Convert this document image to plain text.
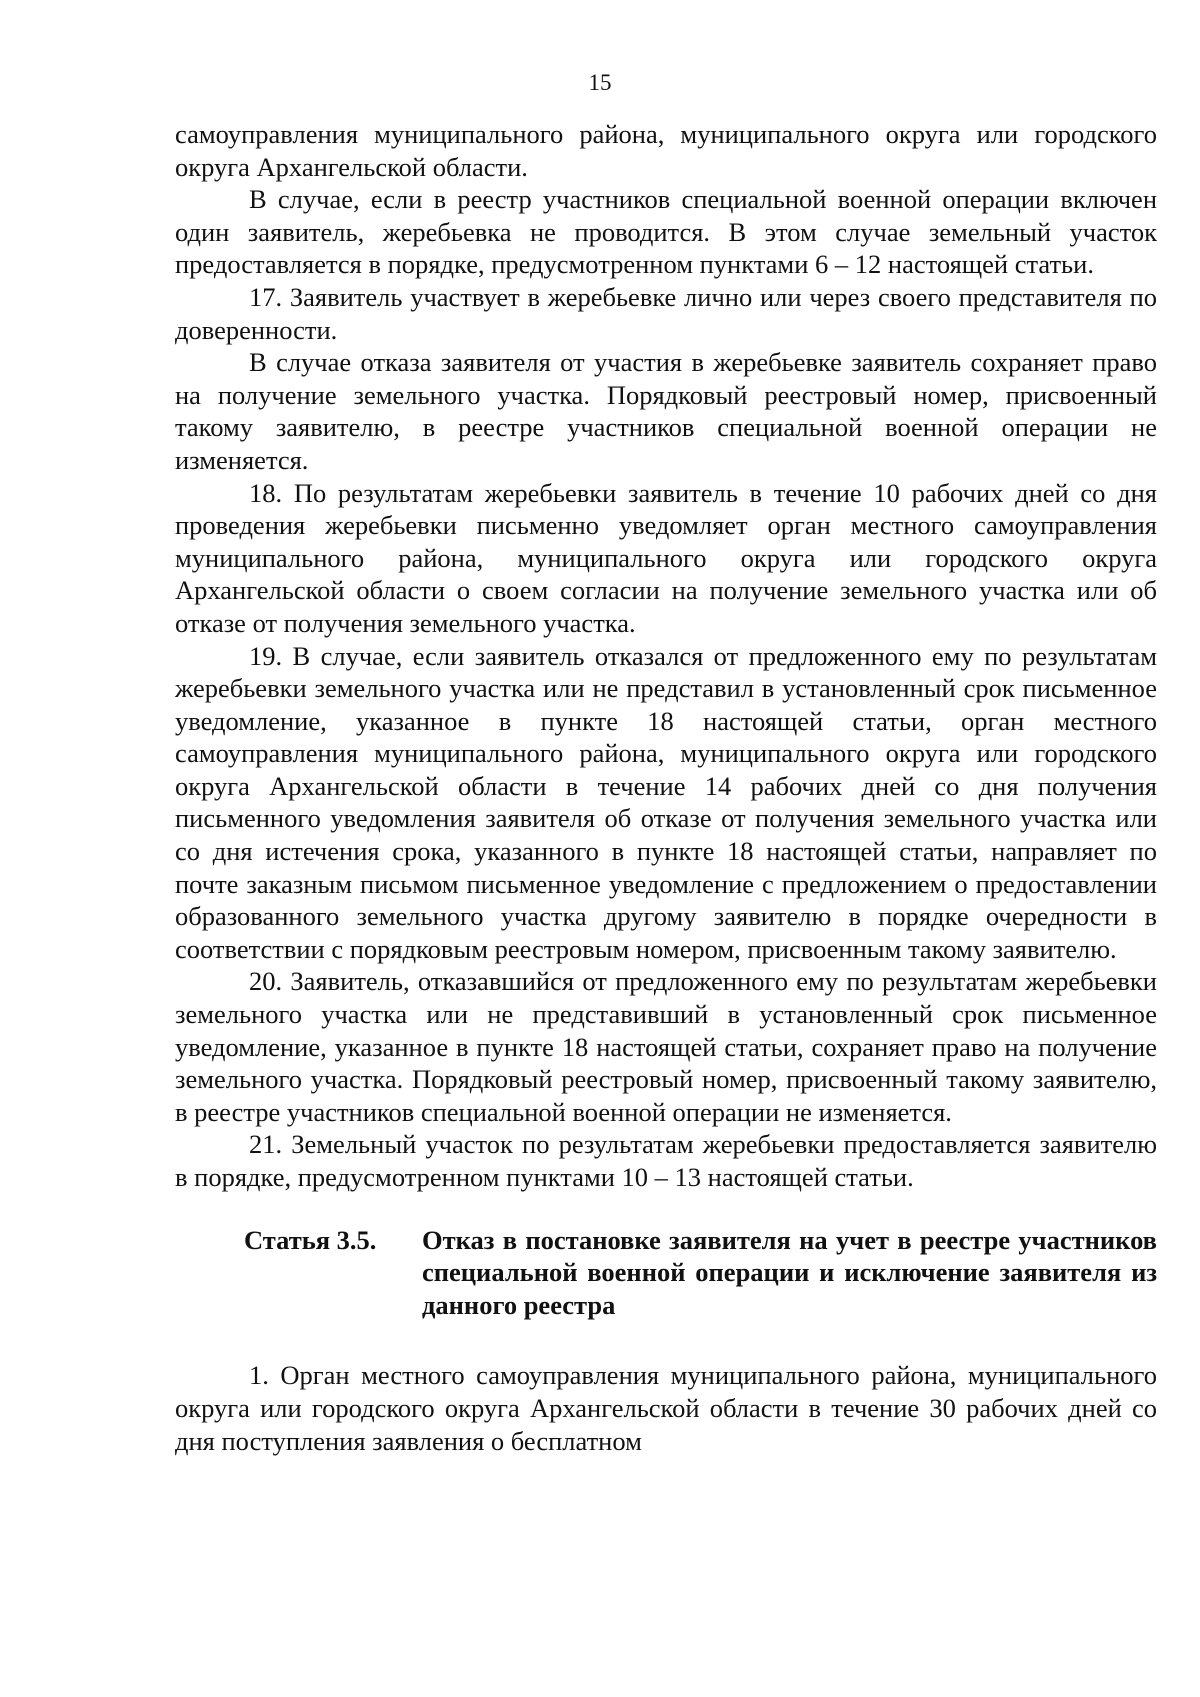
15

самоуправления муниципального района, муниципального округа или городского округа Архангельской области.

В случае, если в реестр участников специальной военной операции включен один заявитель, жеребьевка не проводится. В этом случае земельный участок предоставляется в порядке, предусмотренном пунктами 6 – 12 настоящей статьи.

17. Заявитель участвует в жеребьевке лично или через своего представителя по доверенности.

В случае отказа заявителя от участия в жеребьевке заявитель сохраняет право на получение земельного участка. Порядковый реестровый номер, присвоенный такому заявителю, в реестре участников специальной военной операции не изменяется.

18. По результатам жеребьевки заявитель в течение 10 рабочих дней со дня проведения жеребьевки письменно уведомляет орган местного самоуправления муниципального района, муниципального округа или городского округа Архангельской области о своем согласии на получение земельного участка или об отказе от получения земельного участка.

19. В случае, если заявитель отказался от предложенного ему по результатам жеребьевки земельного участка или не представил в установленный срок письменное уведомление, указанное в пункте 18 настоящей статьи, орган местного самоуправления муниципального района, муниципального округа или городского округа Архангельской области в течение 14 рабочих дней со дня получения письменного уведомления заявителя об отказе от получения земельного участка или со дня истечения срока, указанного в пункте 18 настоящей статьи, направляет по почте заказным письмом письменное уведомление с предложением о предоставлении образованного земельного участка другому заявителю в порядке очередности в соответствии с порядковым реестровым номером, присвоенным такому заявителю.

20. Заявитель, отказавшийся от предложенного ему по результатам жеребьевки земельного участка или не представивший в установленный срок письменное уведомление, указанное в пункте 18 настоящей статьи, сохраняет право на получение земельного участка. Порядковый реестровый номер, присвоенный такому заявителю, в реестре участников специальной военной операции не изменяется.

21. Земельный участок по результатам жеребьевки предоставляется заявителю в порядке, предусмотренном пунктами 10 – 13 настоящей статьи.

Статья 3.5.	Отказ в постановке заявителя на учет в реестре участников специальной военной операции и исключение заявителя из данного реестра

1. Орган местного самоуправления муниципального района, муниципального округа или городского округа Архангельской области в течение 30 рабочих дней со дня поступления заявления о бесплатном
